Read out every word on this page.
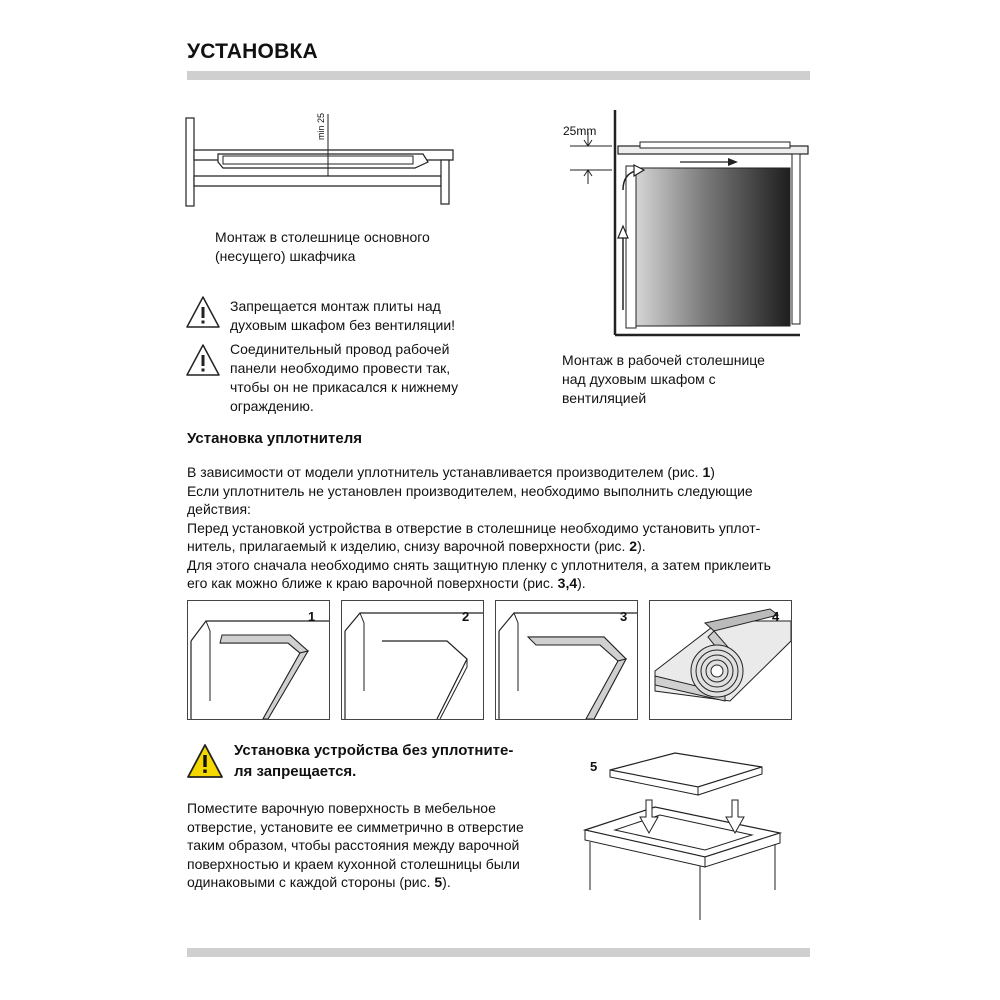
УСТАНОВКА
min 25
Монтаж в столешнице основного
(несущего) шкафчика
Запрещается монтаж плиты над
духовым шкафом без вентиляции!
Соединительный провод рабочей
панели необходимо провести так,
чтобы он не прикасался к нижнему
ограждению.
25mm
Монтаж в рабочей столешнице
над духовым шкафом с
вентиляцией
Установка уплотнителя
В зависимости от модели уплотнитель устанавливается производителем (рис. 1)
Если уплотнитель не установлен производителем, необходимо выполнить следующие
действия:
Перед установкой устройства в отверстие в столешнице необходимо установить уплот-
нитель, прилагаемый к изделию, снизу варочной поверхности (рис. 2).
Для этого сначала необходимо снять защитную пленку с уплотнителя, а затем приклеить
его как можно ближе к краю варочной поверхности (рис. 3,4).
1	2	3	4
Установка устройства без уплотните-
ля запрещается.
Поместите варочную поверхность в мебельное
отверстие, установите ее симметрично в отверстие
таким образом, чтобы расстояния между варочной
поверхностью и краем кухонной столешницы были
одинаковыми с каждой стороны (рис. 5).
5
